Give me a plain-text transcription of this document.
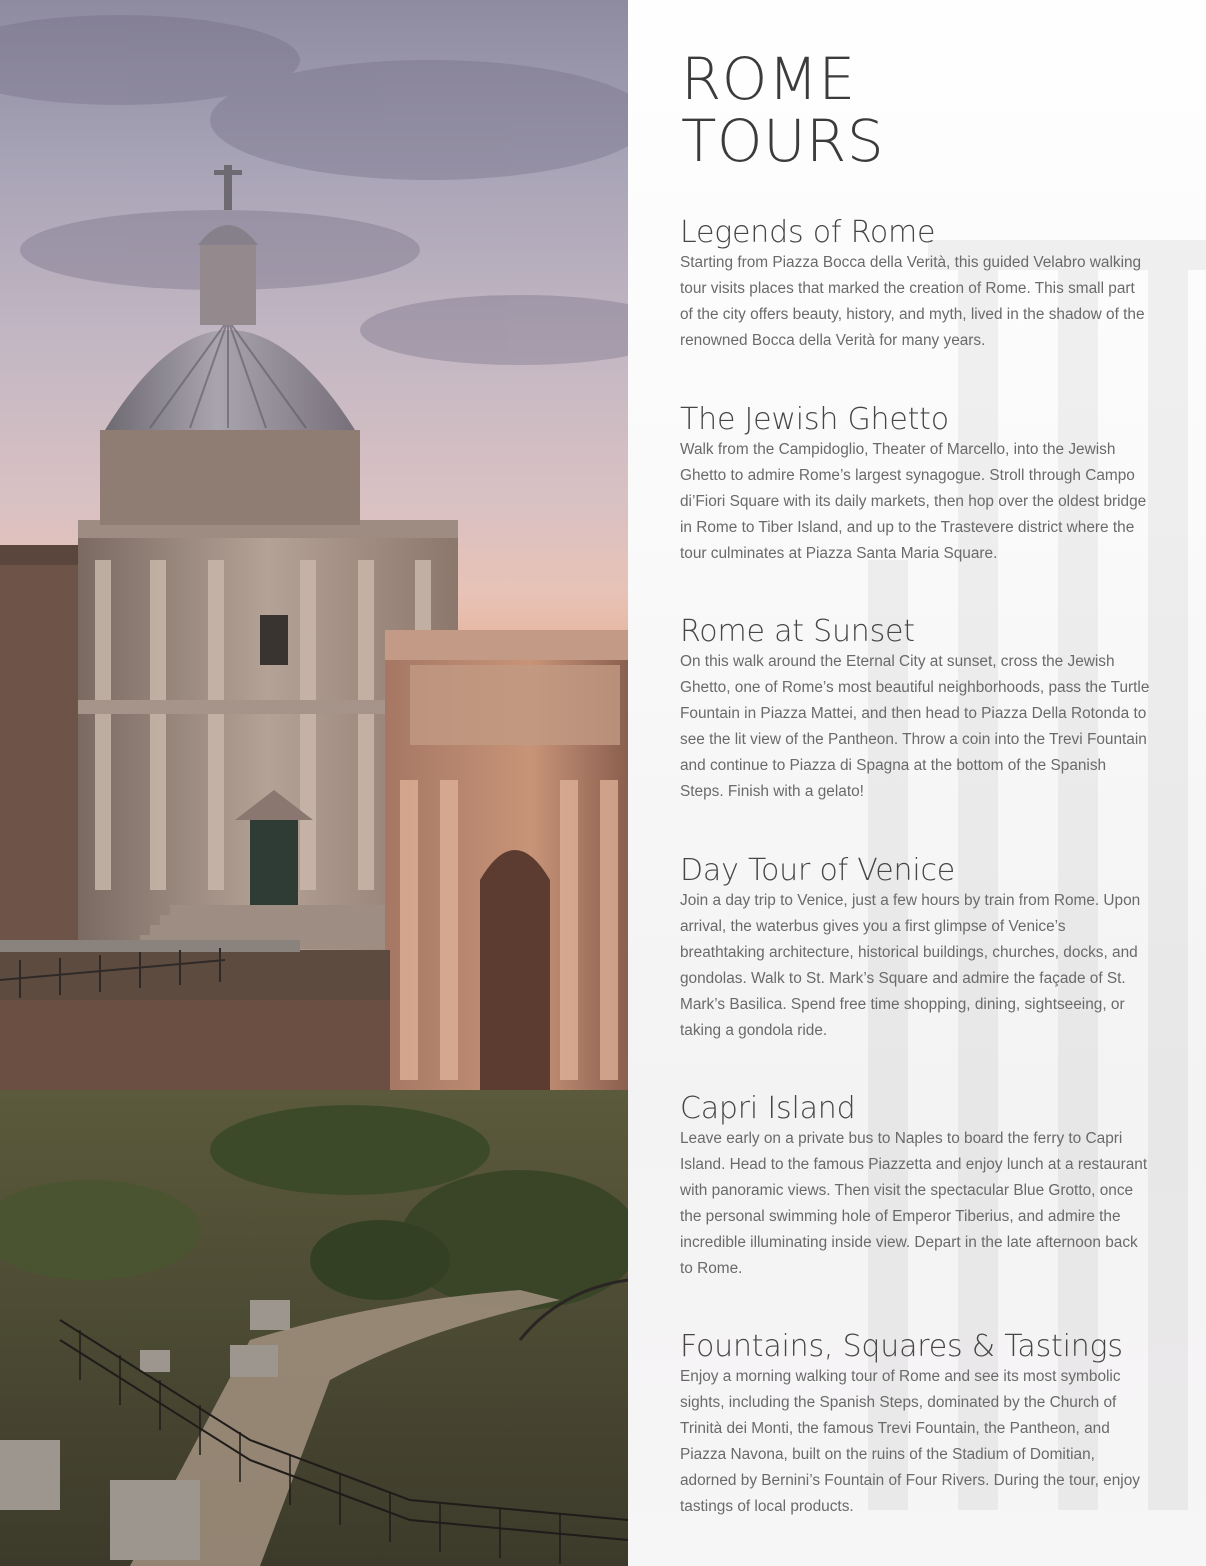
ROME
TOURS
Legends of Rome

Starting from Piazza Bocca della Verità, this guided Velabro walking tour visits places that marked the creation of Rome. This small part of the city offers beauty, history, and myth, lived in the shadow of the renowned Bocca della Verità for many years.

The Jewish Ghetto

Walk from the Campidoglio, Theater of Marcello, into the Jewish Ghetto to admire Rome’s largest synagogue. Stroll through Campo di’Fiori Square with its daily markets, then hop over the oldest bridge in Rome to Tiber Island, and up to the Trastevere district where the tour culminates at Piazza Santa Maria Square.

Rome at Sunset

On this walk around the Eternal City at sunset, cross the Jewish Ghetto, one of Rome’s most beautiful neighborhoods, pass the Turtle Fountain in Piazza Mattei, and then head to Piazza Della Rotonda to see the lit view of the Pantheon. Throw a coin into the Trevi Fountain and continue to Piazza di Spagna at the bottom of the Spanish Steps. Finish with a gelato!

Day Tour of Venice

Join a day trip to Venice, just a few hours by train from Rome. Upon arrival, the waterbus gives you a first glimpse of Venice’s breathtaking architecture, historical buildings, churches, docks, and gondolas. Walk to St. Mark’s Square and admire the façade of St. Mark’s Basilica. Spend free time shopping, dining, sightseeing, or taking a gondola ride.

Capri Island

Leave early on a private bus to Naples to board the ferry to Capri Island. Head to the famous Piazzetta and enjoy lunch at a restaurant with panoramic views. Then visit the spectacular Blue Grotto, once the personal swimming hole of Emperor Tiberius, and admire the incredible illuminating inside view. Depart in the late afternoon back to Rome.

Fountains, Squares & Tastings

Enjoy a morning walking tour of Rome and see its most symbolic sights, including the Spanish Steps, dominated by the Church of Trinità dei Monti, the famous Trevi Fountain, the Pantheon, and Piazza Navona, built on the ruins of the Stadium of Domitian, adorned by Bernini’s Fountain of Four Rivers. During the tour, enjoy tastings of local products.
